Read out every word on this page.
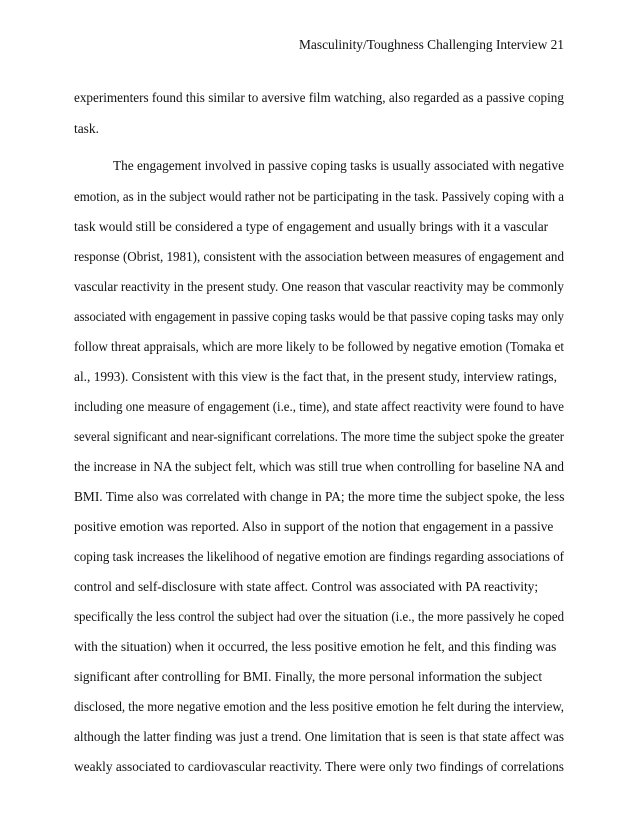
Masculinity/Toughness Challenging Interview 21
experimenters found this similar to aversive film watching, also regarded as a passive coping
task.
The engagement involved in passive coping tasks is usually associated with negative
emotion, as in the subject would rather not be participating in the task. Passively coping with a
task would still be considered a type of engagement and usually brings with it a vascular
response (Obrist, 1981), consistent with the association between measures of engagement and
vascular reactivity in the present study. One reason that vascular reactivity may be commonly
associated with engagement in passive coping tasks would be that passive coping tasks may only
follow threat appraisals, which are more likely to be followed by negative emotion (Tomaka et
al., 1993). Consistent with this view is the fact that, in the present study, interview ratings,
including one measure of engagement (i.e., time), and state affect reactivity were found to have
several significant and near-significant correlations. The more time the subject spoke the greater
the increase in NA the subject felt, which was still true when controlling for baseline NA and
BMI. Time also was correlated with change in PA; the more time the subject spoke, the less
positive emotion was reported. Also in support of the notion that engagement in a passive
coping task increases the likelihood of negative emotion are findings regarding associations of
control and self-disclosure with state affect. Control was associated with PA reactivity;
specifically the less control the subject had over the situation (i.e., the more passively he coped
with the situation) when it occurred, the less positive emotion he felt, and this finding was
significant after controlling for BMI. Finally, the more personal information the subject
disclosed, the more negative emotion and the less positive emotion he felt during the interview,
although the latter finding was just a trend. One limitation that is seen is that state affect was
weakly associated to cardiovascular reactivity. There were only two findings of correlations
